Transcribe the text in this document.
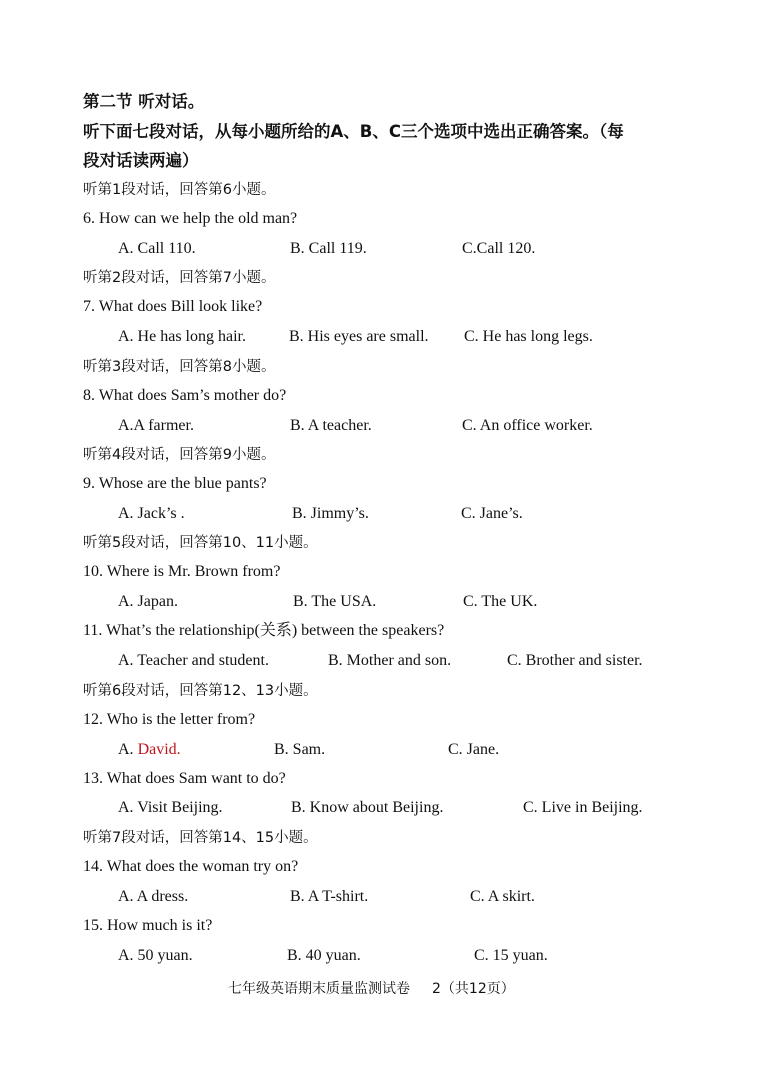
第二节 听对话。
听下面七段对话，从每小题所给的A、B、C三个选项中选出正确答案。（每
段对话读两遍）
听第1段对话，回答第6小题。
6. How can we help the old man?
A. Call 110.	B. Call 119.	C.Call 120.
听第2段对话，回答第7小题。
7. What does Bill look like?
A. He has long hair.	B. His eyes are small. C. He has long legs.
听第3段对话，回答第8小题。
8. What does Sam’s mother do?
A.A farmer.	B. A teacher.	C. An office worker.
听第4段对话，回答第9小题。
9. Whose are the blue pants?
A. Jack’s .	B. Jimmy’s.	C. Jane’s.
听第5段对话，回答第10、11小题。
10. Where is Mr. Brown from?
A. Japan.	B. The USA.	C. The UK.
11. What’s the relationship(关系) between the speakers?
A. Teacher and student.	B. Mother and son.	C. Brother and sister.
听第6段对话，回答第12、13小题。
12. Who is the letter from?
A. David.	B. Sam.	C. Jane.
13. What does Sam want to do?
A. Visit Beijing.	B. Know about Beijing.	C. Live in Beijing.
听第7段对话，回答第14、15小题。
14. What does the woman try on?
A. A dress.	B. A T-shirt.	C. A skirt.
15. How much is it?
A. 50 yuan.	B. 40 yuan.	C. 15 yuan.
七年级英语期末质量监测试卷 2（共12页）
